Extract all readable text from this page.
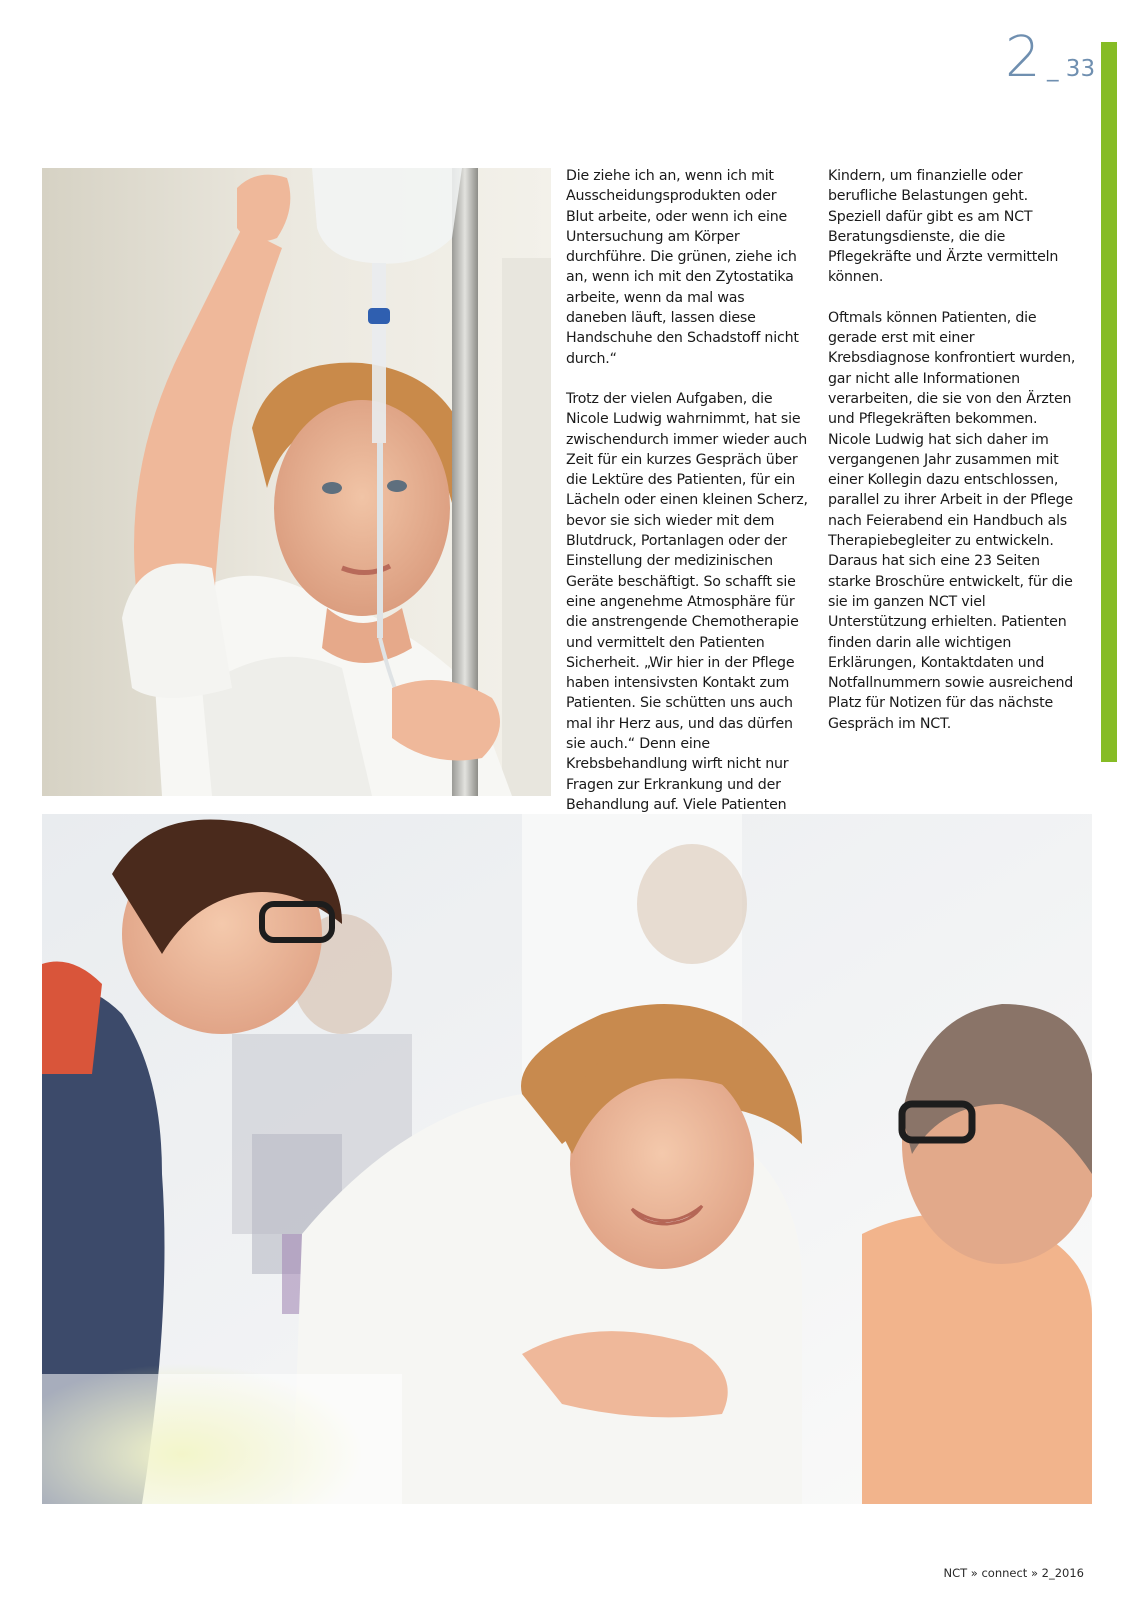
2 _ 33

Die ziehe ich an, wenn ich mit Ausscheidungsprodukten oder Blut arbeite, oder wenn ich eine Untersuchung am Körper durchführe. Die grünen, ziehe ich an, wenn ich mit den Zytostatika arbeite, wenn da mal was daneben läuft, lassen diese Handschuhe den Schadstoff nicht durch.“

Trotz der vielen Aufgaben, die Nicole Ludwig wahrnimmt, hat sie zwischendurch immer wieder auch Zeit für ein kurzes Gespräch über die Lektüre des Patienten, für ein Lächeln oder einen kleinen Scherz, bevor sie sich wieder mit dem Blutdruck, Portanlagen oder der Einstellung der medizinischen Geräte beschäftigt. So schafft sie eine angenehme Atmosphäre für die anstrengende Chemotherapie und vermittelt den Patienten Sicherheit. „Wir hier in der Pflege haben intensivsten Kontakt zum Patienten. Sie schütten uns auch mal ihr Herz aus, und das dürfen sie auch.“ Denn eine Krebsbehandlung wirft nicht nur Fragen zur Erkrankung und der Behandlung auf. Viele Patienten

Kindern, um finanzielle oder berufliche Belastungen geht. Speziell dafür gibt es am NCT Beratungsdienste, die die Pflegekräfte und Ärzte vermitteln können.

Oftmals können Patienten, die gerade erst mit einer Krebsdiagnose konfrontiert wurden, gar nicht alle Informationen verarbeiten, die sie von den Ärzten und Pflegekräften bekommen. Nicole Ludwig hat sich daher im vergangenen Jahr zusammen mit einer Kollegin dazu entschlossen, parallel zu ihrer Arbeit in der Pflege nach Feierabend ein Handbuch als Therapiebegleiter zu entwickeln. Daraus hat sich eine 23 Seiten starke Broschüre entwickelt, für die sie im ganzen NCT viel Unterstützung erhielten. Patienten finden darin alle wichtigen Erklärungen, Kontaktdaten und Notfallnummern sowie ausreichend Platz für Notizen für das nächste Gespräch im NCT.

NCT » connect » 2_2016
